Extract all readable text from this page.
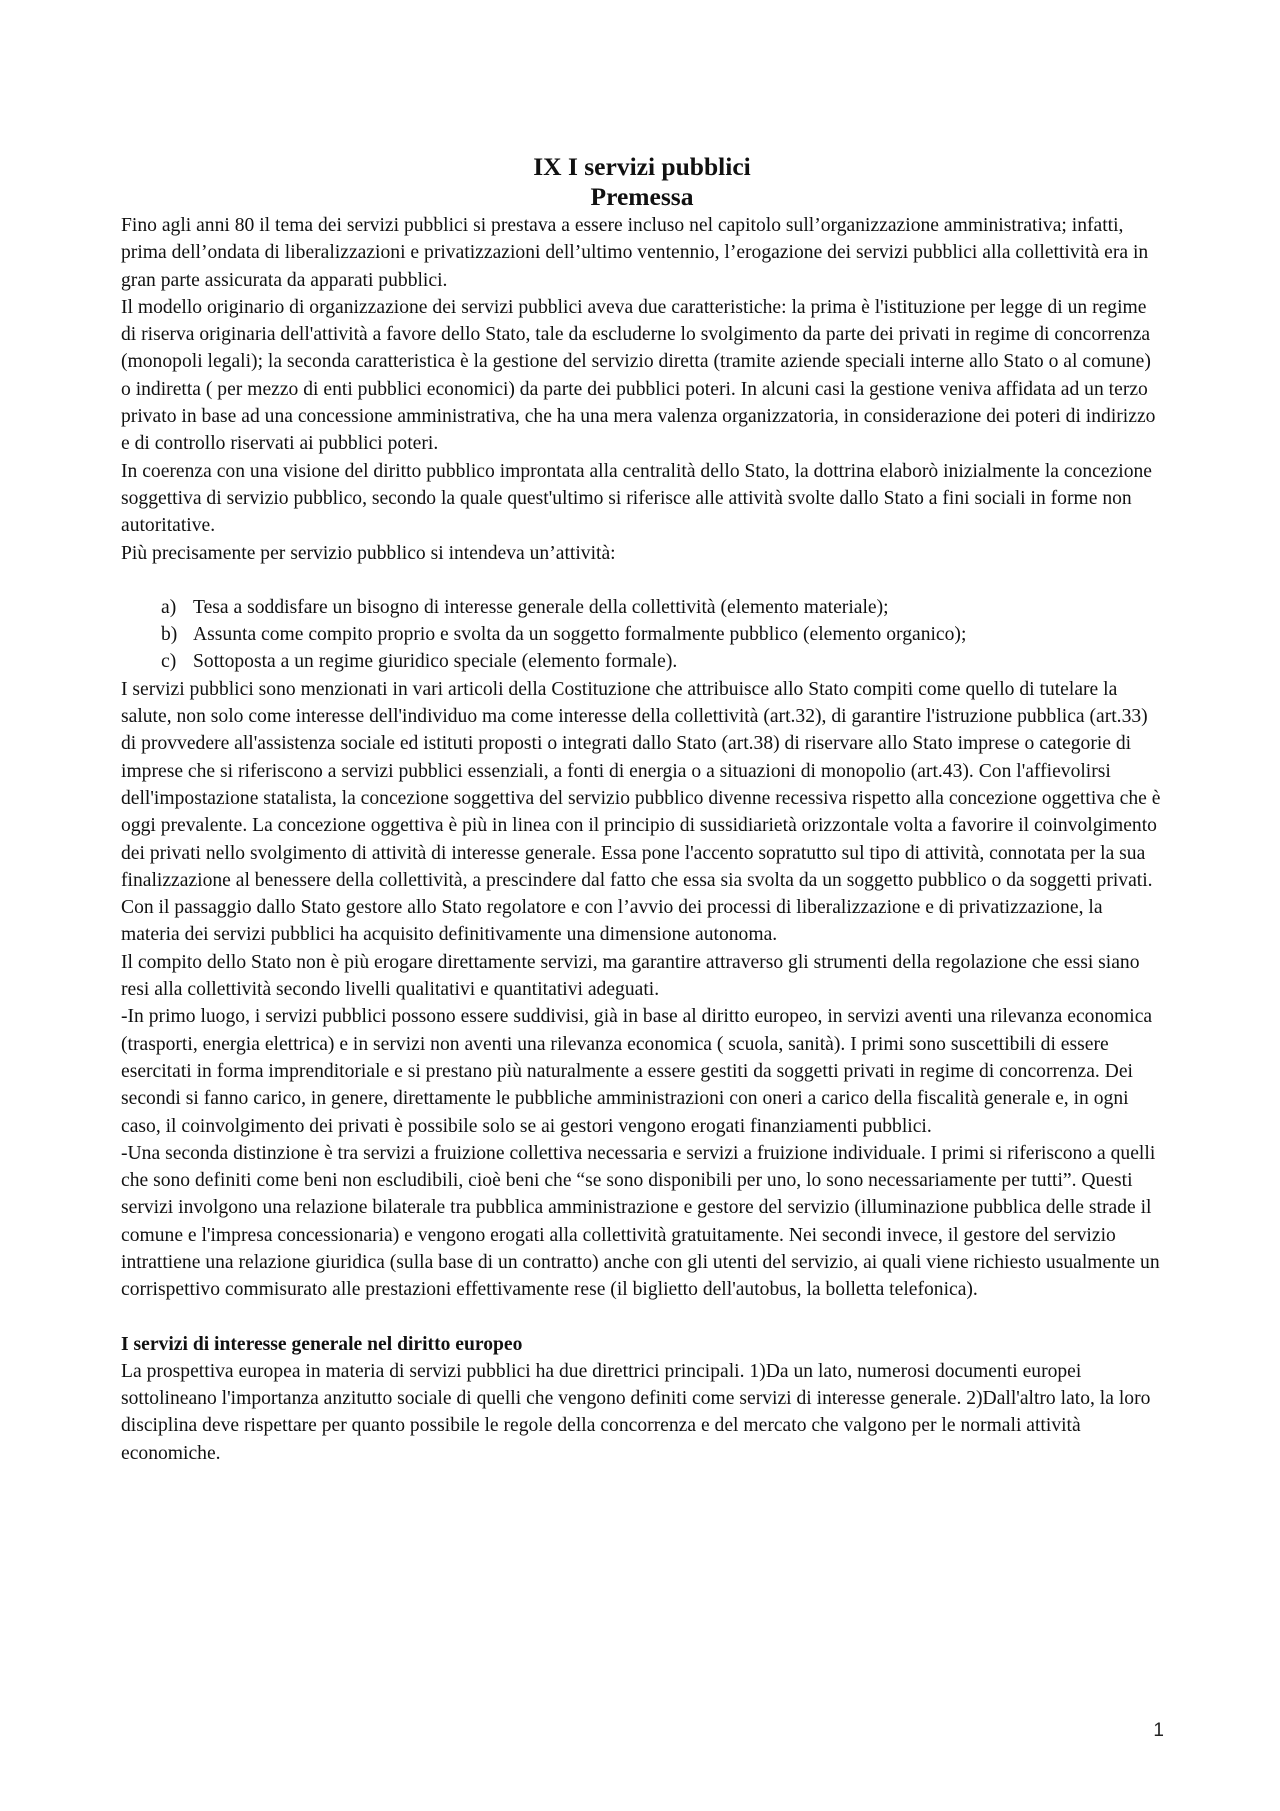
IX I servizi pubblici
Premessa

Fino agli anni 80 il tema dei servizi pubblici si prestava a essere incluso nel capitolo sull’organizzazione amministrativa; infatti, prima dell’ondata di liberalizzazioni e privatizzazioni dell’ultimo ventennio, l’erogazione dei servizi pubblici alla collettività era in gran parte assicurata da apparati pubblici.

Il modello originario di organizzazione dei servizi pubblici aveva due caratteristiche: la prima è l'istituzione per legge di un regime di riserva originaria dell'attività a favore dello Stato, tale da escluderne lo svolgimento da parte dei privati in regime di concorrenza (monopoli legali); la seconda caratteristica è la gestione del servizio diretta (tramite aziende speciali interne allo Stato o al comune) o indiretta ( per mezzo di enti pubblici economici) da parte dei pubblici poteri. In alcuni casi la gestione veniva affidata ad un terzo privato in base ad una concessione amministrativa, che ha una mera valenza organizzatoria, in considerazione dei poteri di indirizzo e di controllo riservati ai pubblici poteri.

In coerenza con una visione del diritto pubblico improntata alla centralità dello Stato, la dottrina elaborò inizialmente la concezione soggettiva di servizio pubblico, secondo la quale quest'ultimo si riferisce alle attività svolte dallo Stato a fini sociali in forme non autoritative.

Più precisamente per servizio pubblico si intendeva un’attività:

a) Tesa a soddisfare un bisogno di interesse generale della collettività (elemento materiale);
b) Assunta come compito proprio e svolta da un soggetto formalmente pubblico (elemento organico);
c) Sottoposta a un regime giuridico speciale (elemento formale).

I servizi pubblici sono menzionati in vari articoli della Costituzione che attribuisce allo Stato compiti come quello di tutelare la salute, non solo come interesse dell'individuo ma come interesse della collettività (art.32), di garantire l'istruzione pubblica (art.33) di provvedere all'assistenza sociale ed istituti proposti o integrati dallo Stato (art.38) di riservare allo Stato imprese o categorie di imprese che si riferiscono a servizi pubblici essenziali, a fonti di energia o a situazioni di monopolio (art.43). Con l'affievolirsi dell'impostazione statalista, la concezione soggettiva del servizio pubblico divenne recessiva rispetto alla concezione oggettiva che è oggi prevalente. La concezione oggettiva è più in linea con il principio di sussidiarietà orizzontale volta a favorire il coinvolgimento dei privati nello svolgimento di attività di interesse generale. Essa pone l'accento sopratutto sul tipo di attività, connotata per la sua finalizzazione al benessere della collettività, a prescindere dal fatto che essa sia svolta da un soggetto pubblico o da soggetti privati.

Con il passaggio dallo Stato gestore allo Stato regolatore e con l’avvio dei processi di liberalizzazione e di privatizzazione, la materia dei servizi pubblici ha acquisito definitivamente una dimensione autonoma.

Il compito dello Stato non è più erogare direttamente servizi, ma garantire attraverso gli strumenti della regolazione che essi siano resi alla collettività secondo livelli qualitativi e quantitativi adeguati.

-In primo luogo, i servizi pubblici possono essere suddivisi, già in base al diritto europeo, in servizi aventi una rilevanza economica (trasporti, energia elettrica) e in servizi non aventi una rilevanza economica ( scuola, sanità). I primi sono suscettibili di essere esercitati in forma imprenditoriale e si prestano più naturalmente a essere gestiti da soggetti privati in regime di concorrenza. Dei secondi si fanno carico, in genere, direttamente le pubbliche amministrazioni con oneri a carico della fiscalità generale e, in ogni caso, il coinvolgimento dei privati è possibile solo se ai gestori vengono erogati finanziamenti pubblici.

-Una seconda distinzione è tra servizi a fruizione collettiva necessaria e servizi a fruizione individuale. I primi si riferiscono a quelli che sono definiti come beni non escludibili, cioè beni che “se sono disponibili per uno, lo sono necessariamente per tutti”. Questi servizi involgono una relazione bilaterale tra pubblica amministrazione e gestore del servizio (illuminazione pubblica delle strade il comune e l'impresa concessionaria) e vengono erogati alla collettività gratuitamente. Nei secondi invece, il gestore del servizio intrattiene una relazione giuridica (sulla base di un contratto) anche con gli utenti del servizio, ai quali viene richiesto usualmente un corrispettivo commisurato alle prestazioni effettivamente rese (il biglietto dell'autobus, la bolletta telefonica).

I servizi di interesse generale nel diritto europeo

La prospettiva europea in materia di servizi pubblici ha due direttrici principali. 1)Da un lato, numerosi documenti europei sottolineano l'importanza anzitutto sociale di quelli che vengono definiti come servizi di interesse generale. 2)Dall'altro lato, la loro disciplina deve rispettare per quanto possibile le regole della concorrenza e del mercato che valgono per le normali attività economiche.

1
